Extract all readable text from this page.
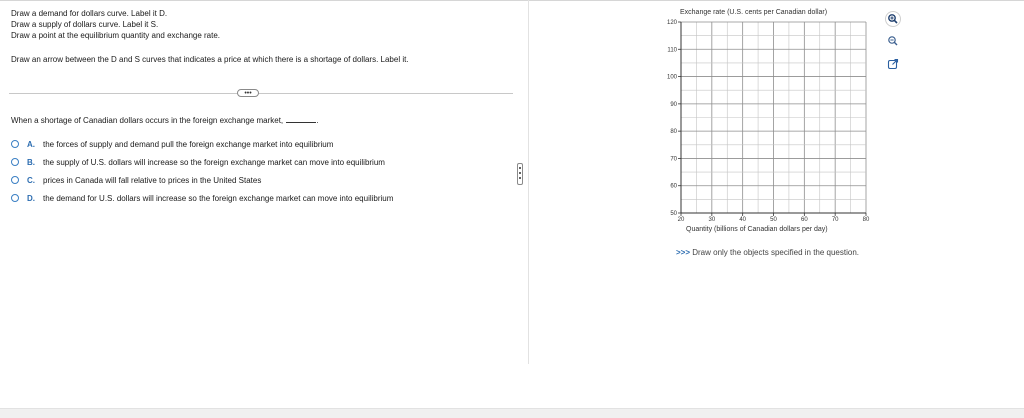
Draw a demand for dollars curve. Label it D.
Draw a supply of dollars curve. Label it S.
Draw a point at the equilibrium quantity and exchange rate.
Draw an arrow between the D and S curves that indicates a price at which there is a shortage of dollars. Label it.
•••
When a shortage of Canadian dollars occurs in the foreign exchange market,	.
A. the forces of supply and demand pull the foreign exchange market into equilibrium
B. the supply of U.S. dollars will increase so the foreign exchange market can move into equilibrium
C. prices in Canada will fall relative to prices in the United States
D. the demand for U.S. dollars will increase so the foreign exchange market can move into equilibrium
Exchange rate (U.S. cents per Canadian dollar)
50
60
70
80
90
100
110
120
20	30	40	50	60	70	80
Quantity (billions of Canadian dollars per day)
>>> Draw only the objects specified in the question.
